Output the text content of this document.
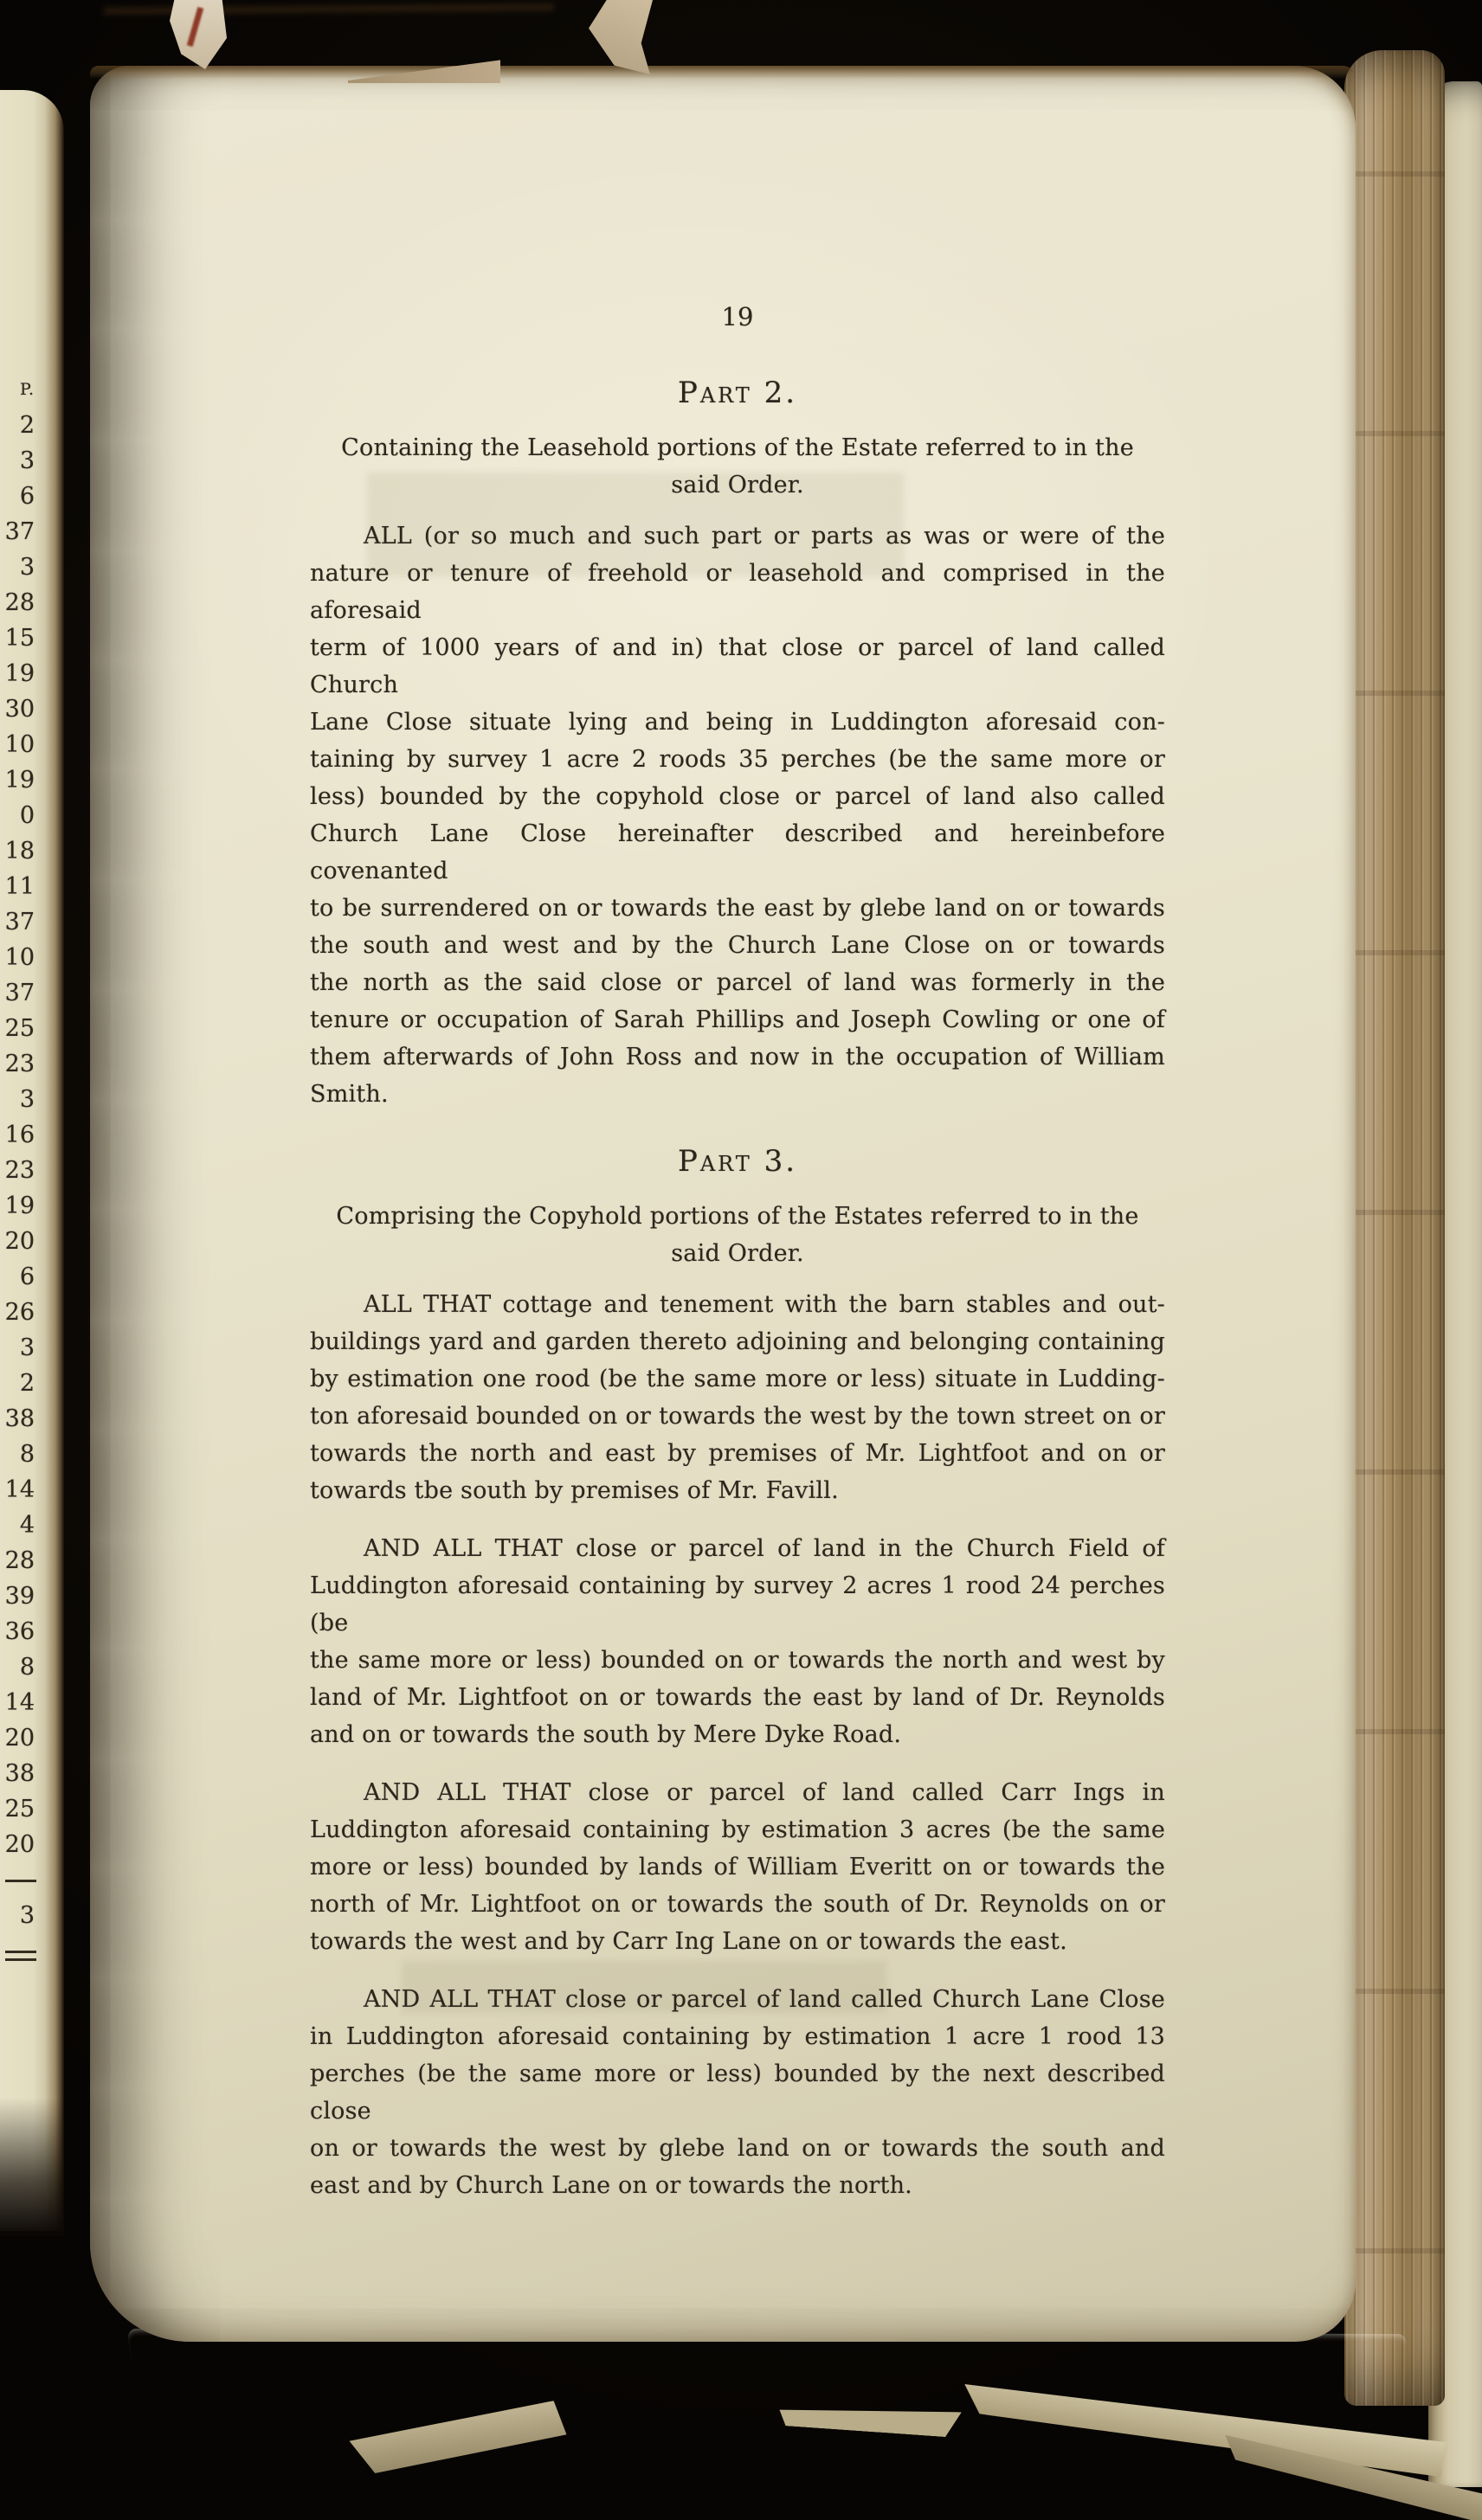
P.
2
3
6
37
3
28
15
19
30
10
19
0
18
11
37
10
37
25
23
3
16
23
19
20
6
26
3
2
38
8
14
4
28
39
36
8
14
20
38
25
20
3
19
Part 2.
Containing the Leasehold portions of the Estate referred to in the
said Order.
ALL (or so much and such part or parts as was or were of the
nature or tenure of freehold or leasehold and comprised in the aforesaid
term of 1000 years of and in) that close or parcel of land called Church
Lane Close situate lying and being in Luddington aforesaid con-
taining by survey 1 acre 2 roods 35 perches (be the same more or
less) bounded by the copyhold close or parcel of land also called
Church Lane Close hereinafter described and hereinbefore covenanted
to be surrendered on or towards the east by glebe land on or towards
the south and west and by the Church Lane Close on or towards
the north as the said close or parcel of land was formerly in the
tenure or occupation of Sarah Phillips and Joseph Cowling or one of
them afterwards of John Ross and now in the occupation of William
Smith.
Part 3.
Comprising the Copyhold portions of the Estates referred to in the
said Order.
ALL THAT cottage and tenement with the barn stables and out-
buildings yard and garden thereto adjoining and belonging containing
by estimation one rood (be the same more or less) situate in Ludding-
ton aforesaid bounded on or towards the west by the town street on or
towards the north and east by premises of Mr. Lightfoot and on or
towards tbe south by premises of Mr. Favill.
AND ALL THAT close or parcel of land in the Church Field of
Luddington aforesaid containing by survey 2 acres 1 rood 24 perches (be
the same more or less) bounded on or towards the north and west by
land of Mr. Lightfoot on or towards the east by land of Dr. Reynolds
and on or towards the south by Mere Dyke Road.
AND ALL THAT close or parcel of land called Carr Ings in
Luddington aforesaid containing by estimation 3 acres (be the same
more or less) bounded by lands of William Everitt on or towards the
north of Mr. Lightfoot on or towards the south of Dr. Reynolds on or
towards the west and by Carr Ing Lane on or towards the east.
AND ALL THAT close or parcel of land called Church Lane Close
in Luddington aforesaid containing by estimation 1 acre 1 rood 13
perches (be the same more or less) bounded by the next described close
on or towards the west by glebe land on or towards the south and
east and by Church Lane on or towards the north.
